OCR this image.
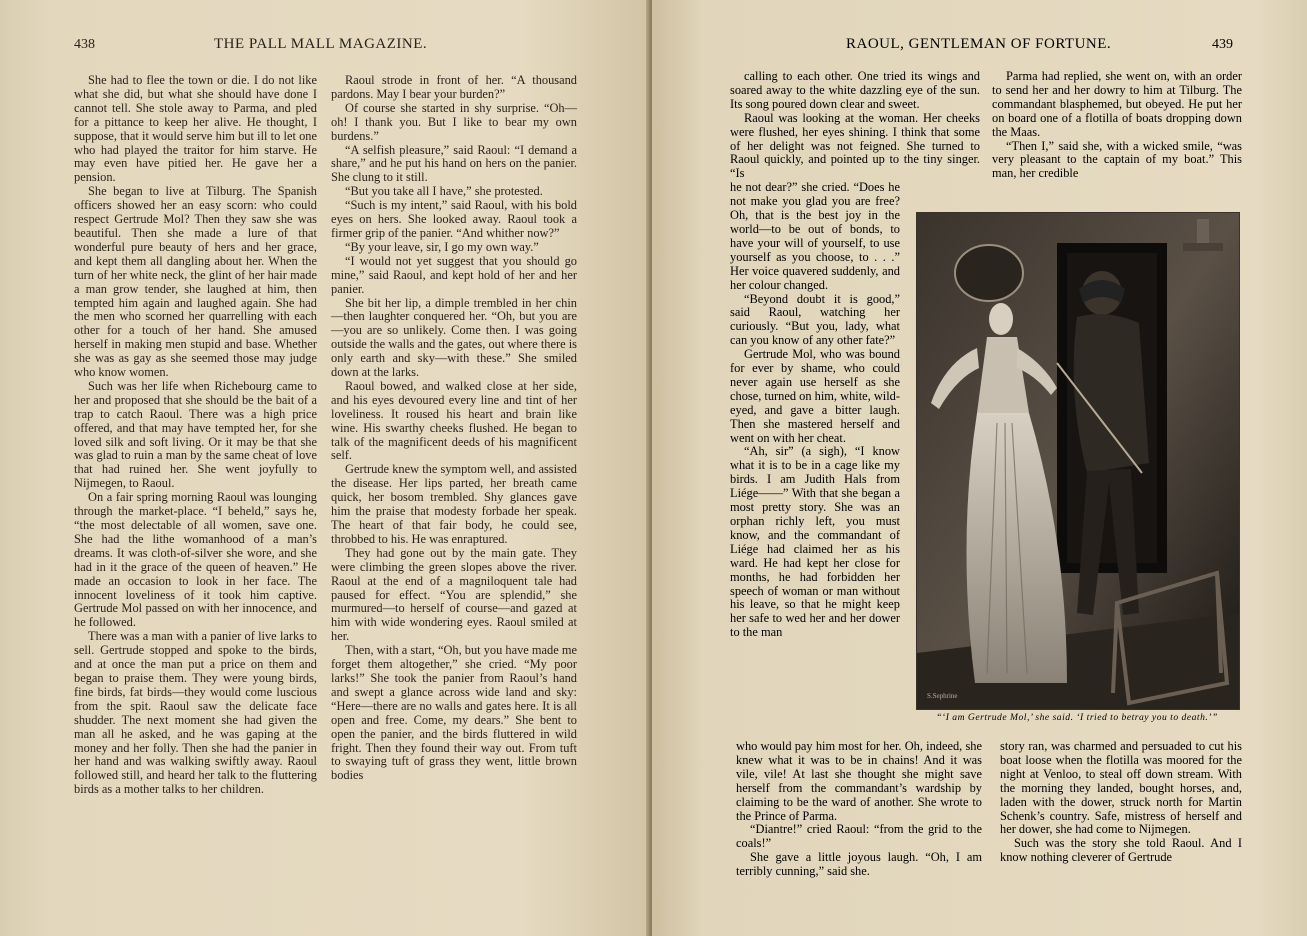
438	THE PALL MALL MAGAZINE.

She had to flee the town or die. I do not like what she did, but what she should have done I cannot tell. She stole away to Parma, and pled for a pittance to keep her alive. He thought, I suppose, that it would serve him but ill to let one who had played the traitor for him starve. He may even have pitied her. He gave her a pension.

She began to live at Tilburg. The Spanish officers showed her an easy scorn: who could respect Gertrude Mol? Then they saw she was beautiful. Then she made a lure of that wonderful pure beauty of hers and her grace, and kept them all dangling about her. When the turn of her white neck, the glint of her hair made a man grow tender, she laughed at him, then tempted him again and laughed again. She had the men who scorned her quarrelling with each other for a touch of her hand. She amused herself in making men stupid and base. Whether she was as gay as she seemed those may judge who know women.

Such was her life when Richebourg came to her and proposed that she should be the bait of a trap to catch Raoul. There was a high price offered, and that may have tempted her, for she loved silk and soft living. Or it may be that she was glad to ruin a man by the same cheat of love that had ruined her. She went joyfully to Nijmegen, to Raoul.

On a fair spring morning Raoul was lounging through the market-place. “I beheld,” says he, “the most delectable of all women, save one. She had the lithe womanhood of a man’s dreams. It was cloth-of-silver she wore, and she had in it the grace of the queen of heaven.” He made an occasion to look in her face. The innocent loveliness of it took him captive. Gertrude Mol passed on with her innocence, and he followed.

There was a man with a panier of live larks to sell. Gertrude stopped and spoke to the birds, and at once the man put a price on them and began to praise them. They were young birds, fine birds, fat birds—they would come luscious from the spit. Raoul saw the delicate face shudder. The next moment she had given the man all he asked, and he was gaping at the money and her folly. Then she had the panier in her hand and was walking swiftly away. Raoul followed still, and heard her talk to the fluttering birds as a mother talks to her children.

Raoul strode in front of her. “A thousand pardons. May I bear your burden?”

Of course she started in shy surprise. “Oh—oh! I thank you. But I like to bear my own burdens.”

“A selfish pleasure,” said Raoul: “I demand a share,” and he put his hand on hers on the panier. She clung to it still.

“But you take all I have,” she protested.

“Such is my intent,” said Raoul, with his bold eyes on hers. She looked away. Raoul took a firmer grip of the panier. “And whither now?”

“By your leave, sir, I go my own way.”

“I would not yet suggest that you should go mine,” said Raoul, and kept hold of her and her panier.

She bit her lip, a dimple trembled in her chin—then laughter conquered her. “Oh, but you are—you are so unlikely. Come then. I was going outside the walls and the gates, out where there is only earth and sky—with these.” She smiled down at the larks.

Raoul bowed, and walked close at her side, and his eyes devoured every line and tint of her loveliness. It roused his heart and brain like wine. His swarthy cheeks flushed. He began to talk of the magnificent deeds of his magnificent self.

Gertrude knew the symptom well, and assisted the disease. Her lips parted, her breath came quick, her bosom trembled. Shy glances gave him the praise that modesty forbade her speak. The heart of that fair body, he could see, throbbed to his. He was enraptured.

They had gone out by the main gate. They were climbing the green slopes above the river. Raoul at the end of a magniloquent tale had paused for effect. “You are splendid,” she murmured—to herself of course—and gazed at him with wide wondering eyes. Raoul smiled at her.

Then, with a start, “Oh, but you have made me forget them altogether,” she cried. “My poor larks!” She took the panier from Raoul’s hand and swept a glance across wide land and sky: “Here—there are no walls and gates here. It is all open and free. Come, my dears.” She bent to open the panier, and the birds fluttered in wild fright. Then they found their way out. From tuft to swaying tuft of grass they went, little brown bodies

RAOUL, GENTLEMAN OF FORTUNE.	439

calling to each other. One tried its wings and soared away to the white dazzling eye of the sun. Its song poured down clear and sweet.

Raoul was looking at the woman. Her cheeks were flushed, her eyes shining. I think that some of her delight was not feigned. She turned to Raoul quickly, and pointed up to the tiny singer. “Is

he not dear?” she cried. “Does he not make you glad you are free? Oh, that is the best joy in the world—to be out of bonds, to have your will of yourself, to use yourself as you choose, to . . .” Her voice quavered suddenly, and her colour changed.

“Beyond doubt it is good,” said Raoul, watching her curiously. “But you, lady, what can you know of any other fate?”

Gertrude Mol, who was bound for ever by shame, who could never again use herself as she chose, turned on him, white, wild-eyed, and gave a bitter laugh. Then she mastered herself and went on with her cheat.

“Ah, sir” (a sigh), “I know what it is to be in a cage like my birds. I am Judith Hals from Liége——” With that she began a most pretty story. She was an orphan richly left, you must know, and the commandant of Liége had claimed her as his ward. He had kept her close for months, he had forbidden her speech of woman or man without his leave, so that he might keep her safe to wed her and her dower to the man

Parma had replied, she went on, with an order to send her and her dowry to him at Tilburg. The commandant blasphemed, but obeyed. He put her on board one of a flotilla of boats dropping down the Maas.

“Then I,” said she, with a wicked smile, “was very pleasant to the captain of my boat.” This man, her credible

S.Sephrine
“‘I am Gertrude Mol,’ she said. ‘I tried to betray you to death.’”

who would pay him most for her. Oh, indeed, she knew what it was to be in chains! And it was vile, vile! At last she thought she might save herself from the commandant’s wardship by claiming to be the ward of another. She wrote to the Prince of Parma.

“Diantre!” cried Raoul: “from the grid to the coals!”

She gave a little joyous laugh. “Oh, I am terribly cunning,” said she.

story ran, was charmed and persuaded to cut his boat loose when the flotilla was moored for the night at Venloo, to steal off down stream. With the morning they landed, bought horses, and, laden with the dower, struck north for Martin Schenk’s country. Safe, mistress of herself and her dower, she had come to Nijmegen.

Such was the story she told Raoul. And I know nothing cleverer of Gertrude
